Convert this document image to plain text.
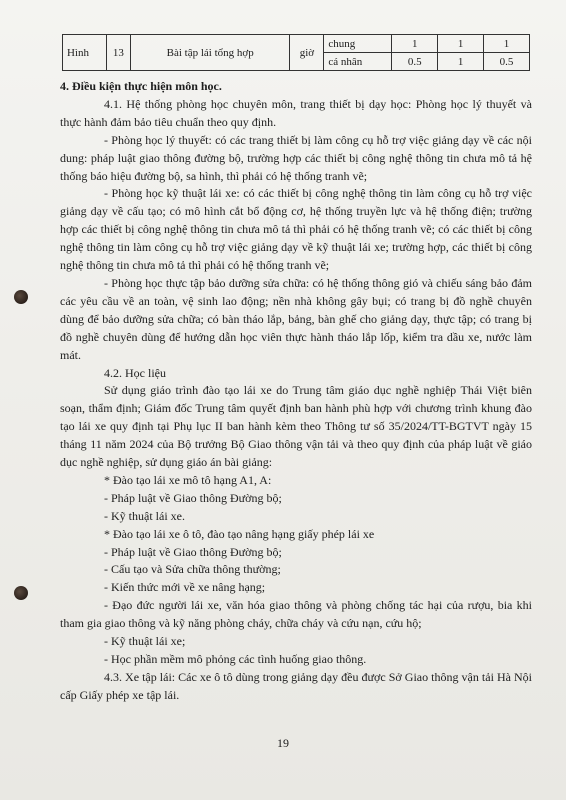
Hình	13	Bài tập lái tổng hợp	giờ	chung	1	1	1
				cá nhân	0.5	1	0.5

4. Điều kiện thực hiện môn học.

4.1. Hệ thống phòng học chuyên môn, trang thiết bị dạy học: Phòng học lý thuyết và thực hành đảm bảo tiêu chuẩn theo quy định.

- Phòng học lý thuyết: có các trang thiết bị làm công cụ hỗ trợ việc giảng dạy về các nội dung: pháp luật giao thông đường bộ, trường hợp các thiết bị công nghệ thông tin chưa mô tả hệ thống báo hiệu đường bộ, sa hình, thì phải có hệ thống tranh vẽ;

- Phòng học kỹ thuật lái xe: có các thiết bị công nghệ thông tin làm công cụ hỗ trợ việc giảng dạy về cấu tạo; có mô hình cắt bổ động cơ, hệ thống truyền lực và hệ thống điện; trường hợp các thiết bị công nghệ thông tin chưa mô tả thì phải có hệ thống tranh vẽ; có các thiết bị công nghệ thông tin làm công cụ hỗ trợ việc giảng dạy về kỹ thuật lái xe; trường hợp, các thiết bị công nghệ thông tin chưa mô tả thì phải có hệ thống tranh vẽ;

- Phòng học thực tập bảo dưỡng sửa chữa: có hệ thống thông gió và chiếu sáng bảo đảm các yêu cầu về an toàn, vệ sinh lao động; nền nhà không gây bụi; có trang bị đồ nghề chuyên dùng để bảo dưỡng sửa chữa; có bàn tháo lắp, bảng, bàn ghế cho giảng dạy, thực tập; có trang bị đồ nghề chuyên dùng để hướng dẫn học viên thực hành tháo lắp lốp, kiểm tra dầu xe, nước làm mát.

4.2. Học liệu

Sử dụng giáo trình đào tạo lái xe do Trung tâm giáo dục nghề nghiệp Thái Việt biên soạn, thẩm định; Giám đốc Trung tâm quyết định ban hành phù hợp với chương trình khung đào tạo lái xe quy định tại Phụ lục II ban hành kèm theo Thông tư số 35/2024/TT-BGTVT ngày 15 tháng 11 năm 2024 của Bộ trưởng Bộ Giao thông vận tải và theo quy định của pháp luật về giáo dục nghề nghiệp, sử dụng giáo án bài giảng:

* Đào tạo lái xe mô tô hạng A1, A:

- Pháp luật về Giao thông Đường bộ;

- Kỹ thuật lái xe.

* Đào tạo lái xe ô tô, đào tạo nâng hạng giấy phép lái xe

- Pháp luật về Giao thông Đường bộ;

- Cấu tạo và Sửa chữa thông thường;

- Kiến thức mới về xe nâng hạng;

- Đạo đức người lái xe, văn hóa giao thông và phòng chống tác hại của rượu, bia khi tham gia giao thông và kỹ năng phòng cháy, chữa cháy và cứu nạn, cứu hộ;

- Kỹ thuật lái xe;

- Học phần mềm mô phỏng các tình huống giao thông.

4.3. Xe tập lái: Các xe ô tô dùng trong giảng dạy đều được Sở Giao thông vận tải Hà Nội cấp Giấy phép xe tập lái.

19
